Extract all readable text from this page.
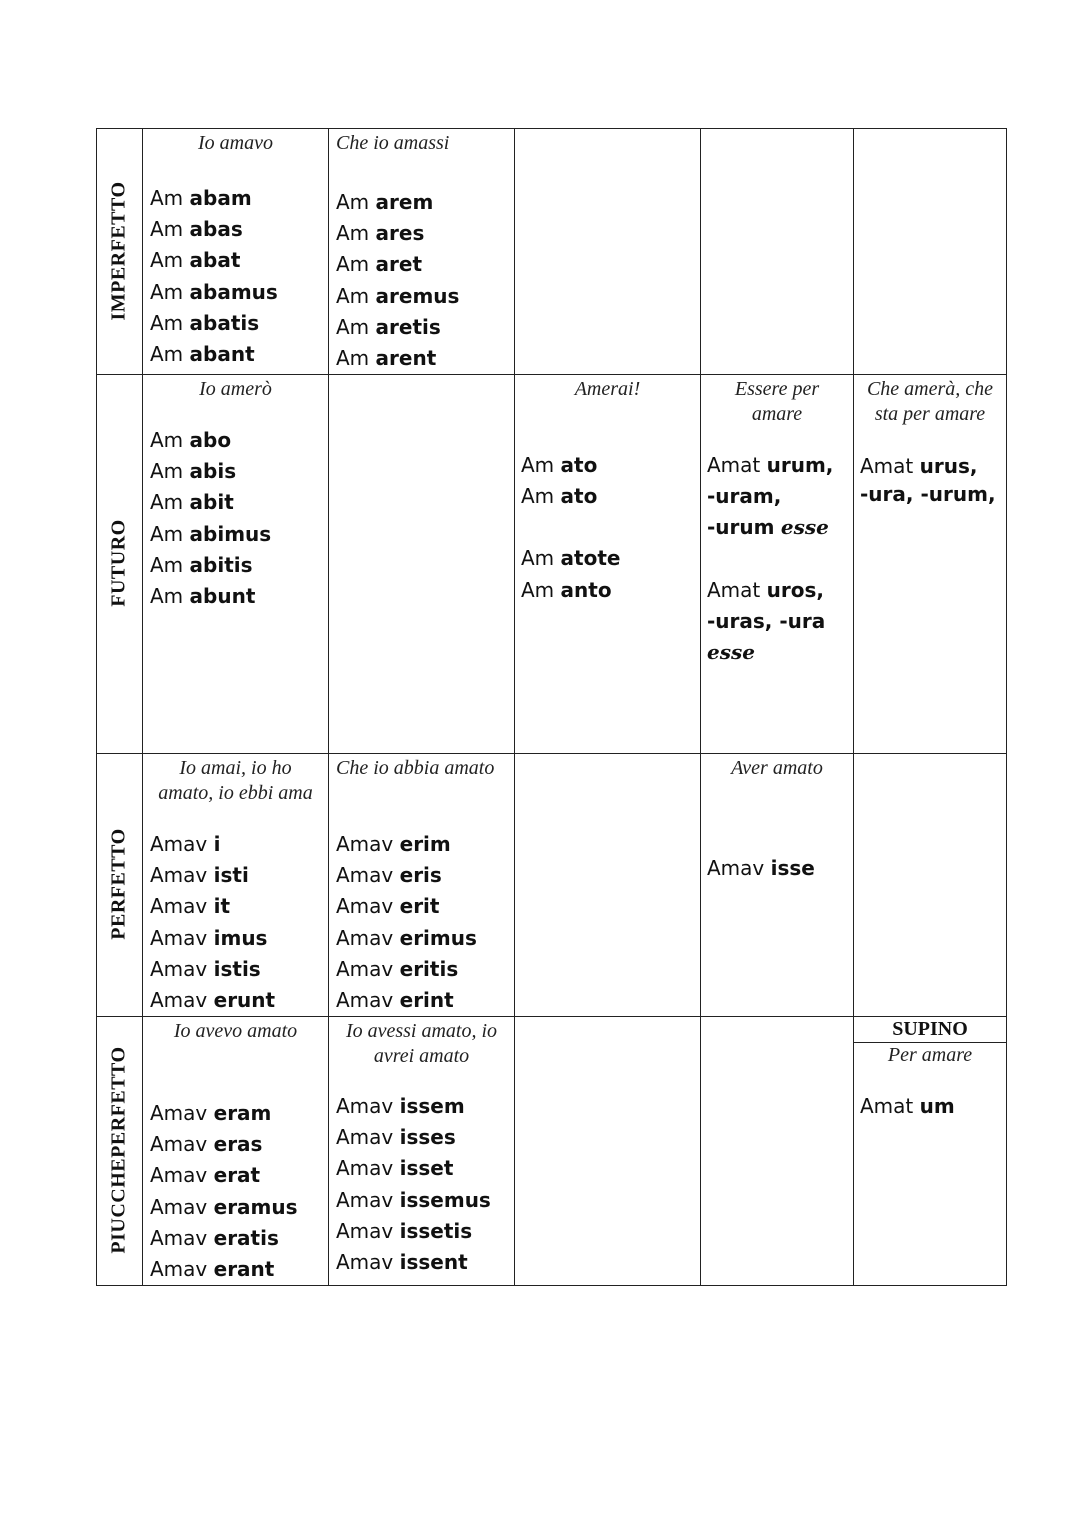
IMPERFETTO
FUTURO
PERFETTO
PIUCCHEPERFETTO
Io amavo
Am abam
Am abas
Am abat
Am abamus
Am abatis
Am abant
Che io amassi
Am arem
Am ares
Am aret
Am aremus
Am aretis
Am arent
Io amerò
Am abo
Am abis
Am abit
Am abimus
Am abitis
Am abunt
Amerai!
Am ato
Am ato
Am atote
Am anto
Essere per
amare
Amat urum,
-uram,
-urum esse
Amat uros,
-uras, -ura
esse
Che amerà, che
sta per amare
Amat urus,
-ura, -urum,
Io amai, io ho
amato, io ebbi ama
Amav i
Amav isti
Amav it
Amav imus
Amav istis
Amav erunt
Che io abbia amato
Amav erim
Amav eris
Amav erit
Amav erimus
Amav eritis
Amav erint
Aver amato
Amav isse
Io avevo amato
Amav eram
Amav eras
Amav erat
Amav eramus
Amav eratis
Amav erant
Io avessi amato, io
avrei amato
Amav issem
Amav isses
Amav isset
Amav issemus
Amav issetis
Amav issent
SUPINO
Per amare
Amat um
